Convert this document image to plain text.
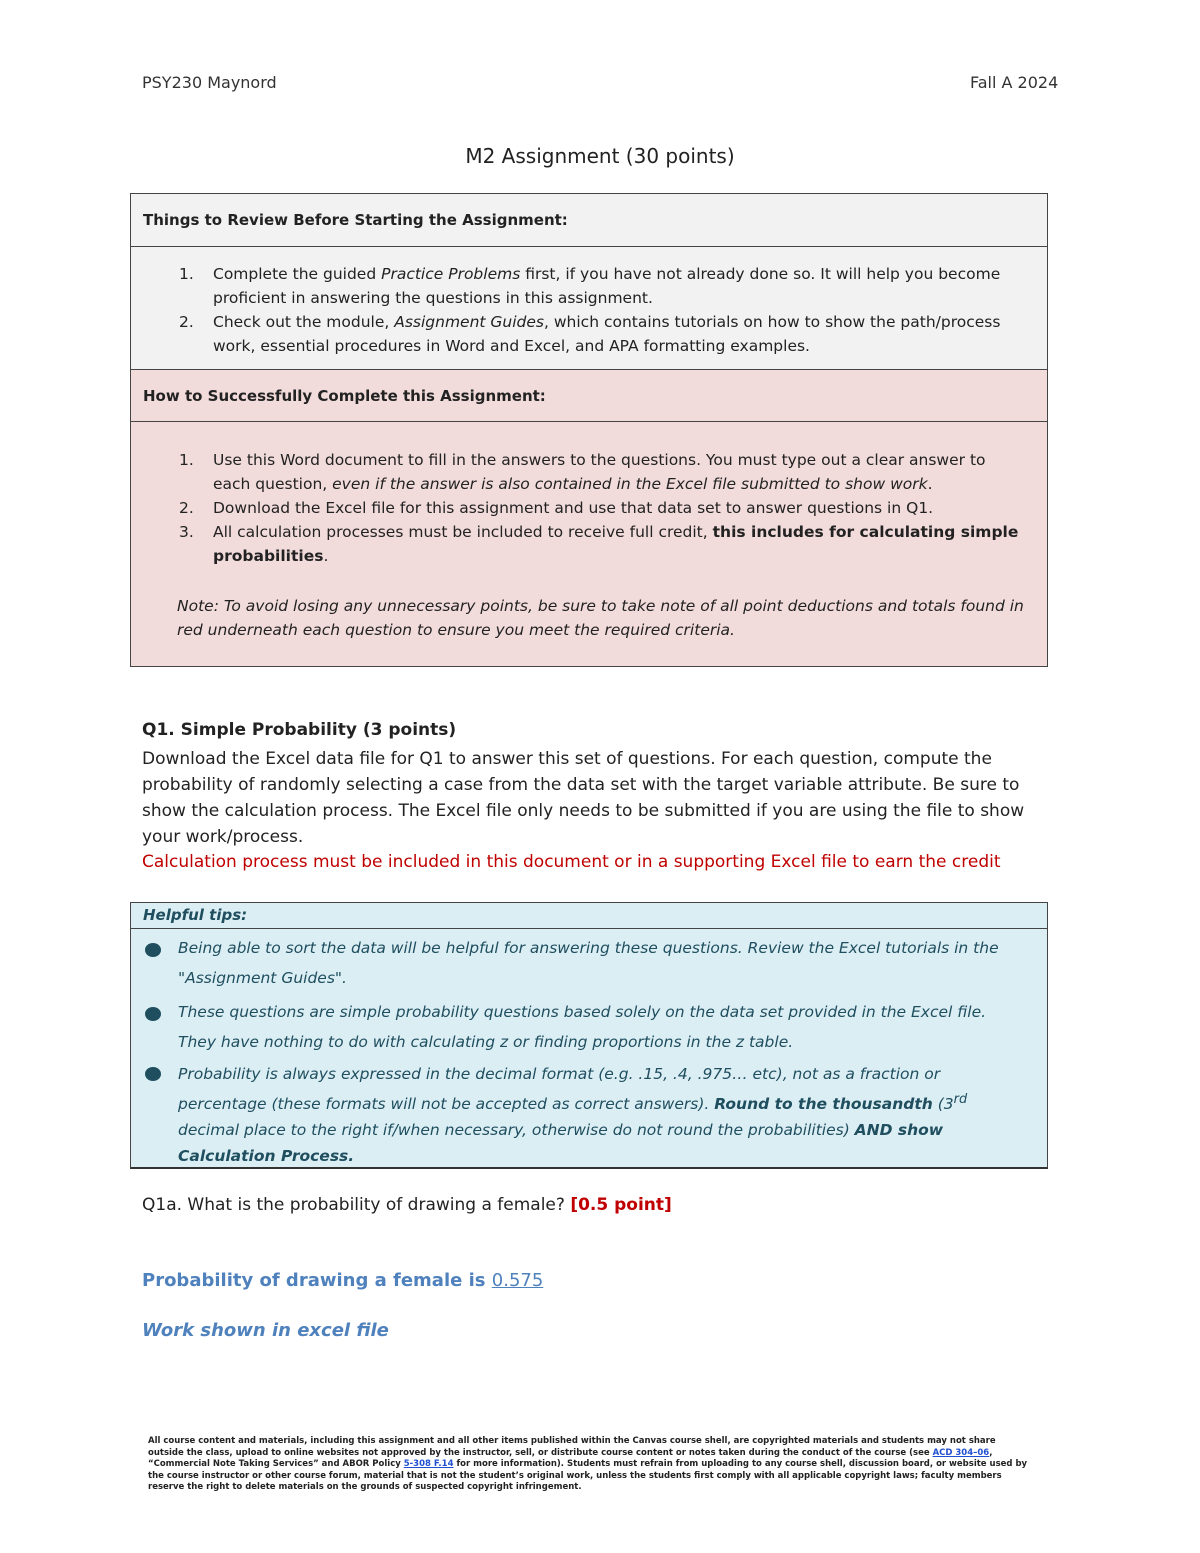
PSY230 Maynord	Fall A 2024
M2 Assignment (30 points)
Things to Review Before Starting the Assignment:
1. Complete the guided Practice Problems first, if you have not already done so. It will help you become proficient in answering the questions in this assignment.
2. Check out the module, Assignment Guides, which contains tutorials on how to show the path/process work, essential procedures in Word and Excel, and APA formatting examples.
How to Successfully Complete this Assignment:
1. Use this Word document to fill in the answers to the questions. You must type out a clear answer to each question, even if the answer is also contained in the Excel file submitted to show work.
2. Download the Excel file for this assignment and use that data set to answer questions in Q1.
3. All calculation processes must be included to receive full credit, this includes for calculating simple probabilities.
Note: To avoid losing any unnecessary points, be sure to take note of all point deductions and totals found in red underneath each question to ensure you meet the required criteria.
Q1. Simple Probability (3 points)
Download the Excel data file for Q1 to answer this set of questions. For each question, compute the probability of randomly selecting a case from the data set with the target variable attribute. Be sure to show the calculation process. The Excel file only needs to be submitted if you are using the file to show your work/process.
Calculation process must be included in this document or in a supporting Excel file to earn the credit
Helpful tips:
Being able to sort the data will be helpful for answering these questions. Review the Excel tutorials in the "Assignment Guides".
These questions are simple probability questions based solely on the data set provided in the Excel file. They have nothing to do with calculating z or finding proportions in the z table.
Probability is always expressed in the decimal format (e.g. .15, .4, .975… etc), not as a fraction or percentage (these formats will not be accepted as correct answers). Round to the thousandth (3rd decimal place to the right if/when necessary, otherwise do not round the probabilities) AND show Calculation Process.
Q1a. What is the probability of drawing a female? [0.5 point]
Probability of drawing a female is 0.575
Work shown in excel file
All course content and materials, including this assignment and all other items published within the Canvas course shell, are copyrighted materials and students may not share outside the class, upload to online websites not approved by the instructor, sell, or distribute course content or notes taken during the conduct of the course (see ACD 304–06, “Commercial Note Taking Services” and ABOR Policy 5-308 F.14 for more information). Students must refrain from uploading to any course shell, discussion board, or website used by the course instructor or other course forum, material that is not the student’s original work, unless the students first comply with all applicable copyright laws; faculty members reserve the right to delete materials on the grounds of suspected copyright infringement.
